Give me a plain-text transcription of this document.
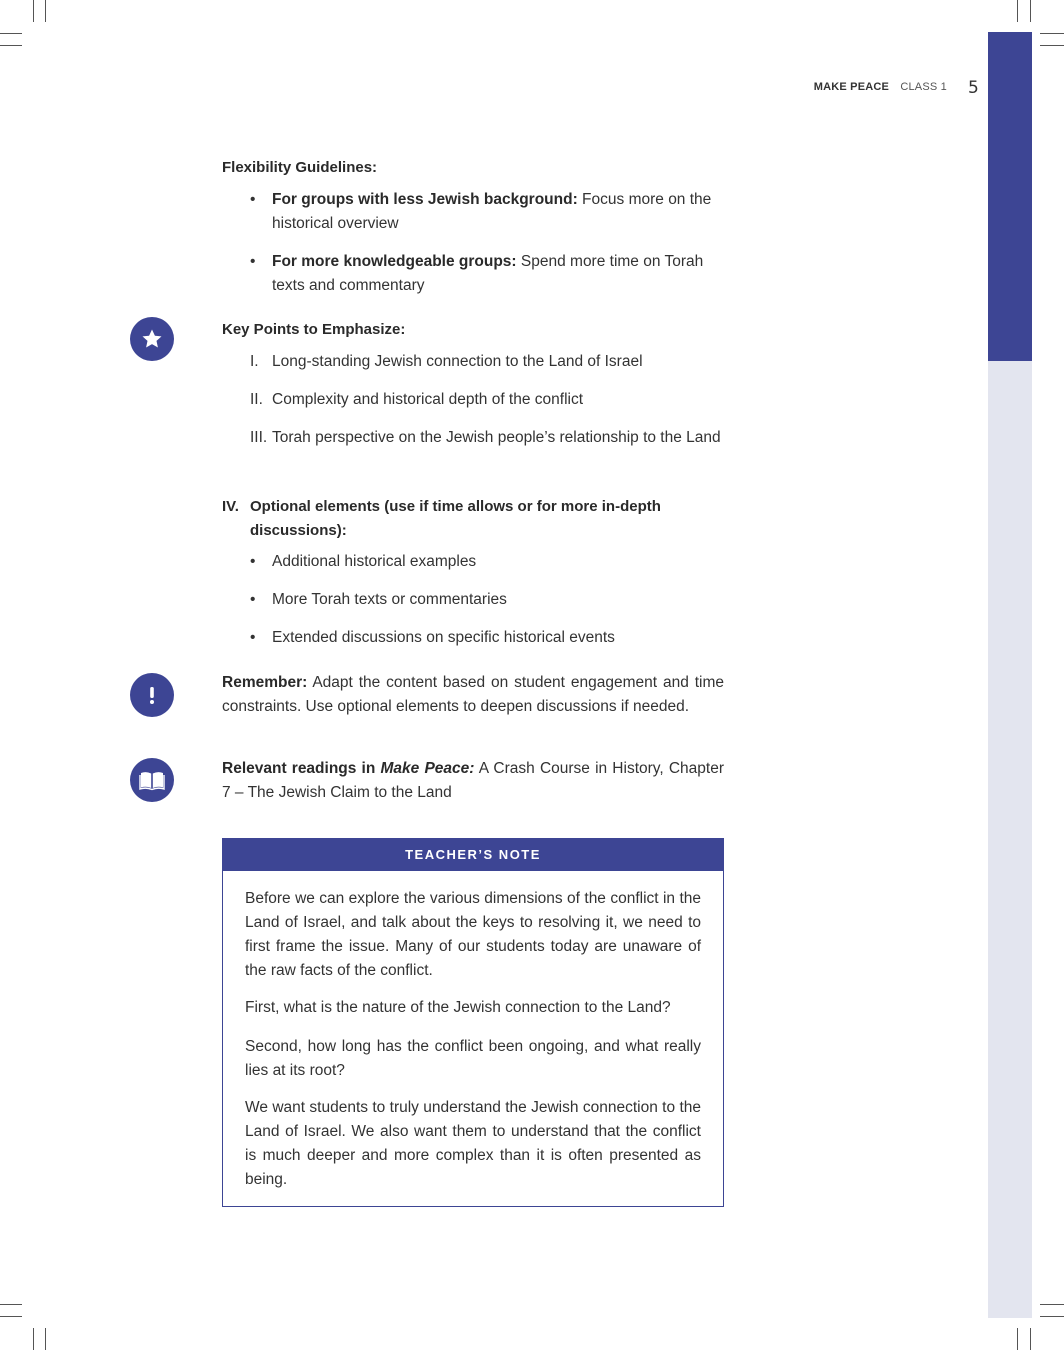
MAKE PEACE CLASS 1 5
Flexibility Guidelines:
• For groups with less Jewish background: Focus more on the historical overview
• For more knowledgeable groups: Spend more time on Torah texts and commentary
Key Points to Emphasize:
I. Long-standing Jewish connection to the Land of Israel
II. Complexity and historical depth of the conflict
III. Torah perspective on the Jewish people’s relationship to the Land
IV. Optional elements (use if time allows or for more in-depth discussions):
• Additional historical examples
• More Torah texts or commentaries
• Extended discussions on specific historical events
Remember: Adapt the content based on student engagement and time constraints. Use optional elements to deepen discussions if needed.
Relevant readings in Make Peace: A Crash Course in History, Chapter 7 – The Jewish Claim to the Land
TEACHER’S NOTE

Before we can explore the various dimensions of the conflict in the Land of Israel, and talk about the keys to resolving it, we need to first frame the issue. Many of our students today are unaware of the raw facts of the conflict.

First, what is the nature of the Jewish connection to the Land?

Second, how long has the conflict been ongoing, and what really lies at its root?

We want students to truly understand the Jewish connection to the Land of Israel. We also want them to understand that the conflict is much deeper and more complex than it is often presented as being.
